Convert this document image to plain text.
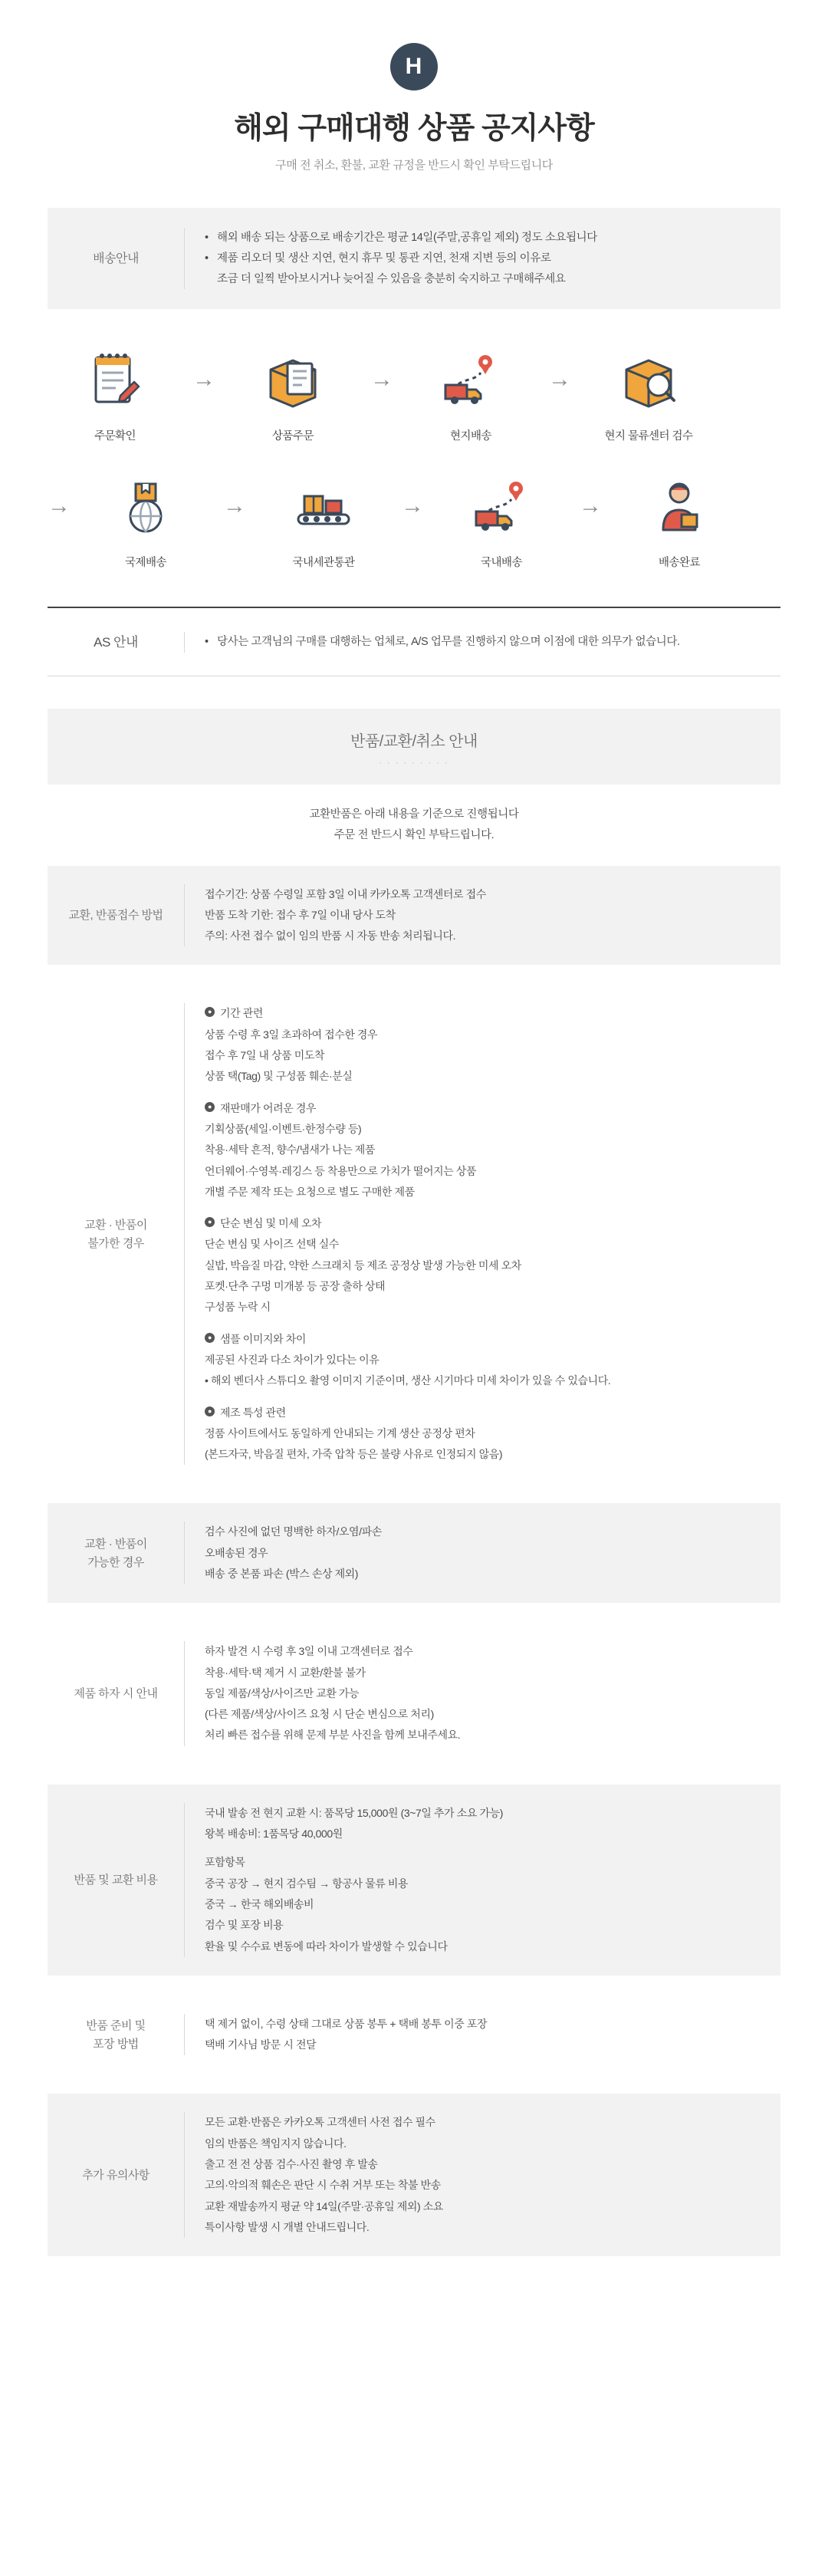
H
해외 구매대행 상품 공지사항
구매 전 취소, 환불, 교환 규정을 반드시 확인 부탁드립니다
배송안내
• 해외 배송 되는 상품으로 배송기간은 평균 14일(주말,공휴일 제외) 정도 소요됩니다
• 제품 리오더 및 생산 지연, 현지 휴무 및 통관 지연, 천재 지변 등의 이유로
조금 더 일찍 받아보시거나 늦어질 수 있음을 충분히 숙지하고 구매해주세요
주문확인
→
상품주문
→
현지배송
→
현지 물류센터 검수
→
국제배송
→
국내세관통관
→
국내배송
→
배송완료
AS 안내	• 당사는 고객님의 구매를 대행하는 업체로, A/S 업무를 진행하지 않으며 이점에 대한 의무가 없습니다.
반품/교환/취소 안내
· · · · · · · · ·
교환반품은 아래 내용을 기준으로 진행됩니다
주문 전 반드시 확인 부탁드립니다.
교환, 반품접수 방법
접수기간: 상품 수령일 포함 3일 이내 카카오톡 고객센터로 접수
반품 도착 기한: 접수 후 7일 이내 당사 도착
주의: 사전 접수 없이 임의 반품 시 자동 반송 처리됩니다.
교환 · 반품이
불가한 경우
● 기간 관련
상품 수령 후 3일 초과하여 접수한 경우
접수 후 7일 내 상품 미도착
상품 택(Tag) 및 구성품 훼손·분실
● 재판매가 어려운 경우
기획상품(세일·이벤트·한정수량 등)
착용·세탁 흔적, 향수/냄새가 나는 제품
언더웨어·수영복·레깅스 등 착용만으로 가치가 떨어지는 상품
개별 주문 제작 또는 요청으로 별도 구매한 제품
● 단순 변심 및 미세 오차
단순 변심 및 사이즈 선택 실수
실밥, 박음질 마감, 약한 스크래치 등 제조 공정상 발생 가능한 미세 오차
포켓·단추 구멍 미개봉 등 공장 출하 상태
구성품 누락 시
● 샘플 이미지와 차이
제공된 사진과 다소 차이가 있다는 이유
• 해외 벤더사 스튜디오 촬영 이미지 기준이며, 생산 시기마다 미세 차이가 있을 수 있습니다.
● 제조 특성 관련
정품 사이트에서도 동일하게 안내되는 기계 생산 공정상 편차
(본드자국, 박음질 편차, 가죽 압착 등은 불량 사유로 인정되지 않음)
교환 · 반품이
가능한 경우
검수 사진에 없던 명백한 하자/오염/파손
오배송된 경우
배송 중 본품 파손 (박스 손상 제외)
제품 하자 시 안내
하자 발견 시 수령 후 3일 이내 고객센터로 접수
착용·세탁·택 제거 시 교환/환불 불가
동일 제품/색상/사이즈만 교환 가능
(다른 제품/색상/사이즈 요청 시 단순 변심으로 처리)
처리 빠른 접수를 위해 문제 부분 사진을 함께 보내주세요.
반품 및 교환 비용
국내 발송 전 현지 교환 시: 품목당 15,000원 (3~7일 추가 소요 가능)
왕복 배송비: 1품목당 40,000원
포함항목
중국 공장 → 현지 검수팀 → 항공사 물류 비용
중국 → 한국 해외배송비
검수 및 포장 비용
환율 및 수수료 변동에 따라 차이가 발생할 수 있습니다
반품 준비 및
포장 방법
택 제거 없이, 수령 상태 그대로 상품 봉투 + 택배 봉투 이중 포장
택배 기사님 방문 시 전달
추가 유의사항
모든 교환·반품은 카카오톡 고객센터 사전 접수 필수
임의 반품은 책임지지 않습니다.
출고 전 전 상품 검수·사진 촬영 후 발송
고의·악의적 훼손은 판단 시 수취 거부 또는 착불 반송
교환 재발송까지 평균 약 14일(주말·공휴일 제외) 소요
특이사항 발생 시 개별 안내드립니다.
